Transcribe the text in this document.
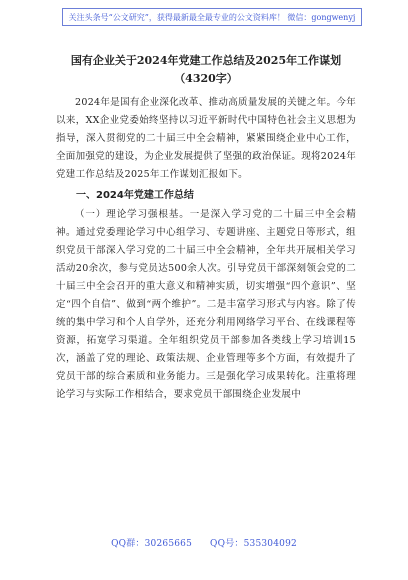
关注头条号“公文研究”，获得最新最全最专业的公文资料库！ 微信：gongwenyj

国有企业关于2024年党建工作总结及2025年工作谋划

（4320字）

2024年是国有企业深化改革、推动高质量发展的关键之年。今年以来，XX企业党委始终坚持以习近平新时代中国特色社会主义思想为指导，深入贯彻党的二十届三中全会精神，紧紧围绕企业中心工作，全面加强党的建设，为企业发展提供了坚强的政治保证。现将2024年党建工作总结及2025年工作谋划汇报如下。

一、2024年党建工作总结

（一）理论学习强根基。一是深入学习党的二十届三中全会精神。通过党委理论学习中心组学习、专题讲座、主题党日等形式，组织党员干部深入学习党的二十届三中全会精神，全年共开展相关学习活动20余次，参与党员达500余人次。引导党员干部深刻领会党的二十届三中全会召开的重大意义和精神实质，切实增强“四个意识”、坚定“四个自信”、做到“两个维护”。二是丰富学习形式与内容。除了传统的集中学习和个人自学外，还充分利用网络学习平台、在线课程等资源，拓宽学习渠道。全年组织党员干部参加各类线上学习培训15次，涵盖了党的理论、政策法规、企业管理等多个方面，有效提升了党员干部的综合素质和业务能力。三是强化学习成果转化。注重将理论学习与实际工作相结合，要求党员干部围绕企业发展中

QQ群：30265665 QQ号：535304092
